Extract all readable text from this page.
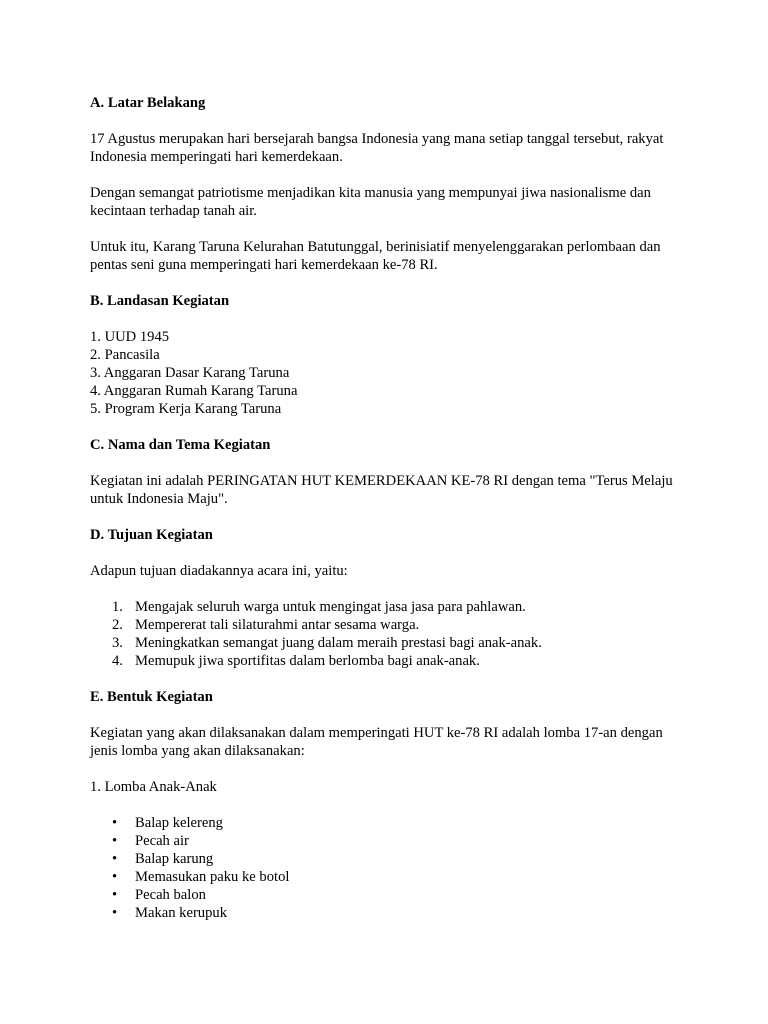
A. Latar Belakang
17 Agustus merupakan hari bersejarah bangsa Indonesia yang mana setiap tanggal tersebut, rakyat Indonesia memperingati hari kemerdekaan.
Dengan semangat patriotisme menjadikan kita manusia yang mempunyai jiwa nasionalisme dan kecintaan terhadap tanah air.
Untuk itu, Karang Taruna Kelurahan Batutunggal, berinisiatif menyelenggarakan perlombaan dan pentas seni guna memperingati hari kemerdekaan ke-78 RI.
B. Landasan Kegiatan
1. UUD 1945
2. Pancasila
3. Anggaran Dasar Karang Taruna
4. Anggaran Rumah Karang Taruna
5. Program Kerja Karang Taruna
C. Nama dan Tema Kegiatan
Kegiatan ini adalah PERINGATAN HUT KEMERDEKAAN KE-78 RI dengan tema "Terus Melaju untuk Indonesia Maju".
D. Tujuan Kegiatan
Adapun tujuan diadakannya acara ini, yaitu:
1. Mengajak seluruh warga untuk mengingat jasa jasa para pahlawan.
2. Mempererat tali silaturahmi antar sesama warga.
3. Meningkatkan semangat juang dalam meraih prestasi bagi anak-anak.
4. Memupuk jiwa sportifitas dalam berlomba bagi anak-anak.
E. Bentuk Kegiatan
Kegiatan yang akan dilaksanakan dalam memperingati HUT ke-78 RI adalah lomba 17-an dengan jenis lomba yang akan dilaksanakan:
1. Lomba Anak-Anak
• Balap kelereng
• Pecah air
• Balap karung
• Memasukan paku ke botol
• Pecah balon
• Makan kerupuk
